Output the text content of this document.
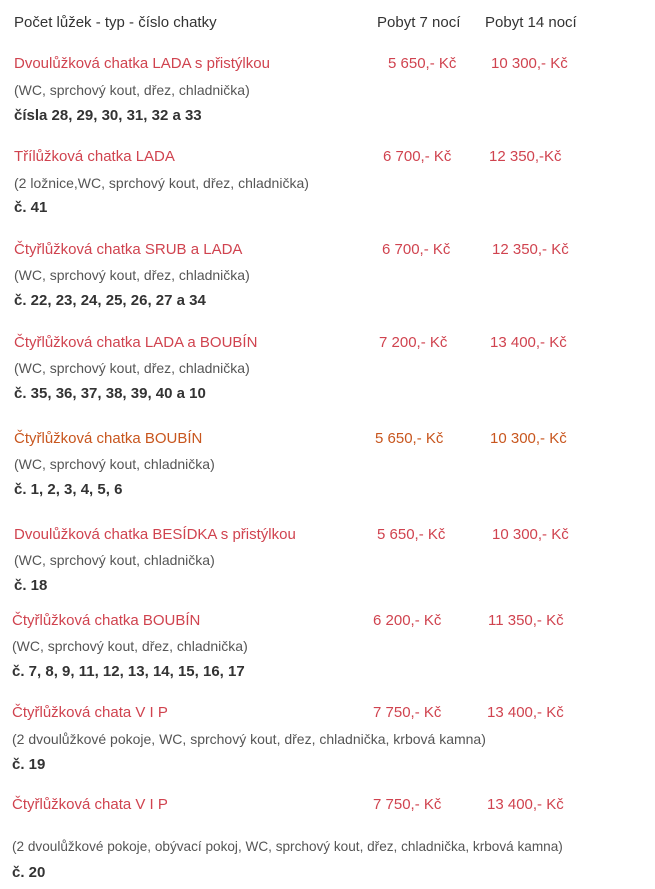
Počet lůžek - typ - číslo chatky	Pobyt 7 nocí Pobyt 14 nocí
Dvoulůžková chatka LADA s přistýlkou	5 650,- Kč 10 300,- Kč
(WC, sprchový kout, dřez, chladnička)
čísla 28, 29, 30, 31, 32 a 33
Třílůžková chatka LADA	6 700,- Kč	12 350,-Kč
(2 ložnice,WC, sprchový kout, dřez, chladnička)
č. 41
Čtyřlůžková chatka SRUB a LADA	6 700,- Kč	12 350,- Kč
(WC, sprchový kout, dřez, chladnička)
č. 22, 23, 24, 25, 26, 27 a 34
Čtyřlůžková chatka LADA a BOUBÍN	7 200,- Kč	13 400,- Kč
(WC, sprchový kout, dřez, chladnička)
č. 35, 36, 37, 38, 39, 40 a 10
Čtyřlůžková chatka BOUBÍN	5 650,- Kč	10 300,- Kč
(WC, sprchový kout, chladnička)
č. 1, 2, 3, 4, 5, 6
Dvoulůžková chatka BESÍDKA s přistýlkou	5 650,- Kč	10 300,- Kč
(WC, sprchový kout, chladnička)
č. 18
Čtyřlůžková chatka BOUBÍN	6 200,- Kč	11 350,- Kč
(WC, sprchový kout, dřez, chladnička)
č. 7, 8, 9, 11, 12, 13, 14, 15, 16, 17
Čtyřlůžková chata V I P	7 750,- Kč	13 400,- Kč
(2 dvoulůžkové pokoje, WC, sprchový kout, dřez, chladnička, krbová kamna)
č. 19
Čtyřlůžková chata V I P	7 750,- Kč	13 400,- Kč
(2 dvoulůžkové pokoje, obývací pokoj, WC, sprchový kout, dřez, chladnička, krbová kamna)
č. 20
